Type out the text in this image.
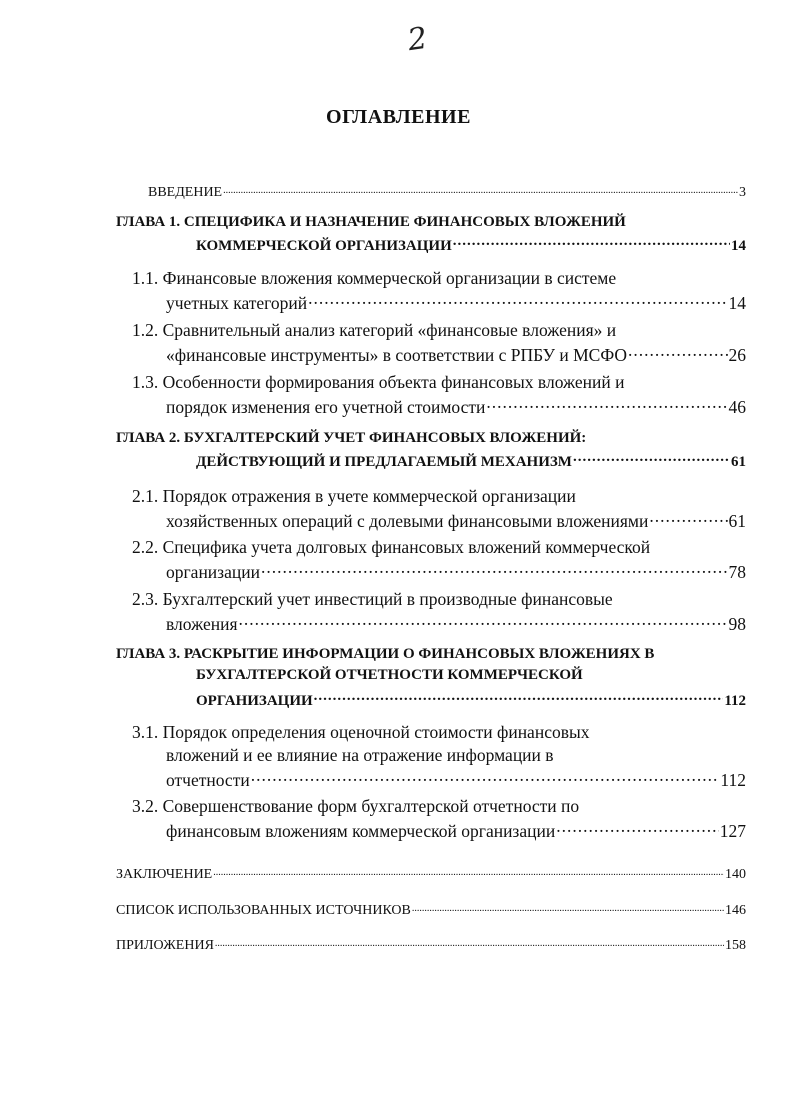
2
ОГЛАВЛЕНИЕ
ВВЕДЕНИЕ .....	3
ГЛАВА 1. СПЕЦИФИКА И НАЗНАЧЕНИЕ ФИНАНСОВЫХ ВЛОЖЕНИЙ
КОММЕРЧЕСКОЙ ОРГАНИЗАЦИИ .....	14
1.1. Финансовые вложения коммерческой организации в системе
учетных категорий .....	14
1.2. Сравнительный анализ категорий «финансовые вложения» и
«финансовые инструменты» в соответствии с РПБУ и МСФО .....	26
1.3. Особенности формирования объекта финансовых вложений и
порядок изменения его учетной стоимости .....	46
ГЛАВА 2. БУХГАЛТЕРСКИЙ УЧЕТ ФИНАНСОВЫХ ВЛОЖЕНИЙ:
ДЕЙСТВУЮЩИЙ И ПРЕДЛАГАЕМЫЙ МЕХАНИЗМ .....	61
2.1. Порядок отражения в учете коммерческой организации
хозяйственных операций с долевыми финансовыми вложениями .....	61
2.2. Специфика учета долговых финансовых вложений коммерческой
организации .....	78
2.3. Бухгалтерский учет инвестиций в производные финансовые
вложения .....	98
ГЛАВА 3. РАСКРЫТИЕ ИНФОРМАЦИИ О ФИНАНСОВЫХ ВЛОЖЕНИЯХ В
БУХГАЛТЕРСКОЙ ОТЧЕТНОСТИ КОММЕРЧЕСКОЙ
ОРГАНИЗАЦИИ .....	112
3.1. Порядок определения оценочной стоимости финансовых
вложений и ее влияние на отражение информации в
отчетности .....	112
3.2. Совершенствование форм бухгалтерской отчетности по
финансовым вложениям коммерческой организации .....	127
ЗАКЛЮЧЕНИЕ .....	140
СПИСОК ИСПОЛЬЗОВАННЫХ ИСТОЧНИКОВ .....	146
ПРИЛОЖЕНИЯ .....	158
